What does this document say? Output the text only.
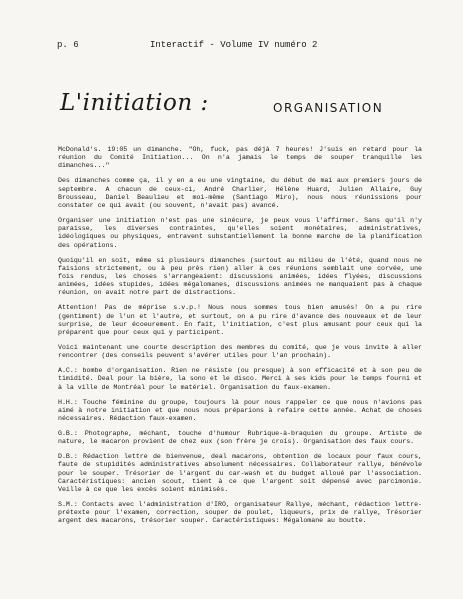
p. 6	Interactif - Volume IV numéro 2
L'initiation :	ORGANISATION

McDonald's. 19:05 un dimanche. "Oh, fuck, pas déjà 7 heures! J'suis en retard pour la réunion du Comité Initiation... On n'a jamais le temps de souper tranquille les dimanches..."

Des dimanches comme ça, il y en a eu une vingtaine, du début de mai aux premiers jours de septembre. A chacun de ceux-ci, André Charlier, Hélène Huard, Julien Allaire, Guy Brousseau, Daniel Beaulieu et moi-même (Santiago Miro), nous nous réunissions pour constater ce qui avait (ou souvent, n'avait pas) avancé.

Organiser une initiation n'est pas une sinécure, je peux vous l'affirmer. Sans qu'il n'y paraisse, les diverses contraintes, qu'elles soient monétaires, administratives, idéologiques ou physiques, entravent substantiellement la bonne marche de la planification des opérations.

Quoiqu'il en soit, même si plusieurs dimanches (surtout au milieu de l'été, quand nous ne faisions strictement, ou à peu près rien) aller à ces réunions semblait une corvée, une fois rendus, les choses s'arrangeaient: discussions animées, idées flyées, discussions animées, idées stupides, idées mégalomanes, discussions animées ne manquaient pas à chaque réunion, on avait notre part de distractions.

Attention! Pas de méprise s.v.p.! Nous nous sommes tous bien amusés! On a pu rire (gentiment) de l'un et l'autre, et surtout, on a pu rire d'avance des nouveaux et de leur surprise, de leur écoeurement. En fait, l'initiation, c'est plus amusant pour ceux qui la préparent que pour ceux qui y participent.

Voici maintenant une courte description des membres du comité, que je vous invite à aller rencontrer (des conseils peuvent s'avérer utiles pour l'an prochain).

A.C.: bombe d'organisation. Rien ne résiste (ou presque) à son efficacité et à son peu de timidité. Deal pour la bière, la sono et le disco. Merci à ses kids pour le temps fourni et à la ville de Montréal pour le matériel. Organisation du faux-examen.

H.H.: Touche féminine du groupe, toujours là pour nous rappeler ce que nous n'avions pas aimé à notre initiation et que nous nous préparions à refaire cette année. Achat de choses nécessaires. Rédaction faux-examen.

G.B.: Photographe, méchant, touche d'humour Rubrique-à-braquien du groupe. Artiste de nature, le macaron provient de chez eux (son frère je crois). Organisation des faux cours.

D.B.: Rédaction lettre de bienvenue, deal macarons, obtention de locaux pour faux cours, faute de stupidités administratives absolument nécessaires. Collaborateur rallye, bénévole pour le souper. Trésorier de l'argent du car-wash et du budget alloué par l'association. Caractéristiques: ancien scout, tient à ce que l'argent soit dépensé avec parcimonie. Veille à ce que les excès soient minimisés.

S.M.: Contacts avec l'administration d'IRO, organisateur Rallye, méchant, rédaction lettre-prétexte pour l'examen, correction, souper de poulet, liqueurs, prix de rallye, Trésorier argent des macarons, trésorier souper. Caractéristiques: Mégalomane au boutte.
